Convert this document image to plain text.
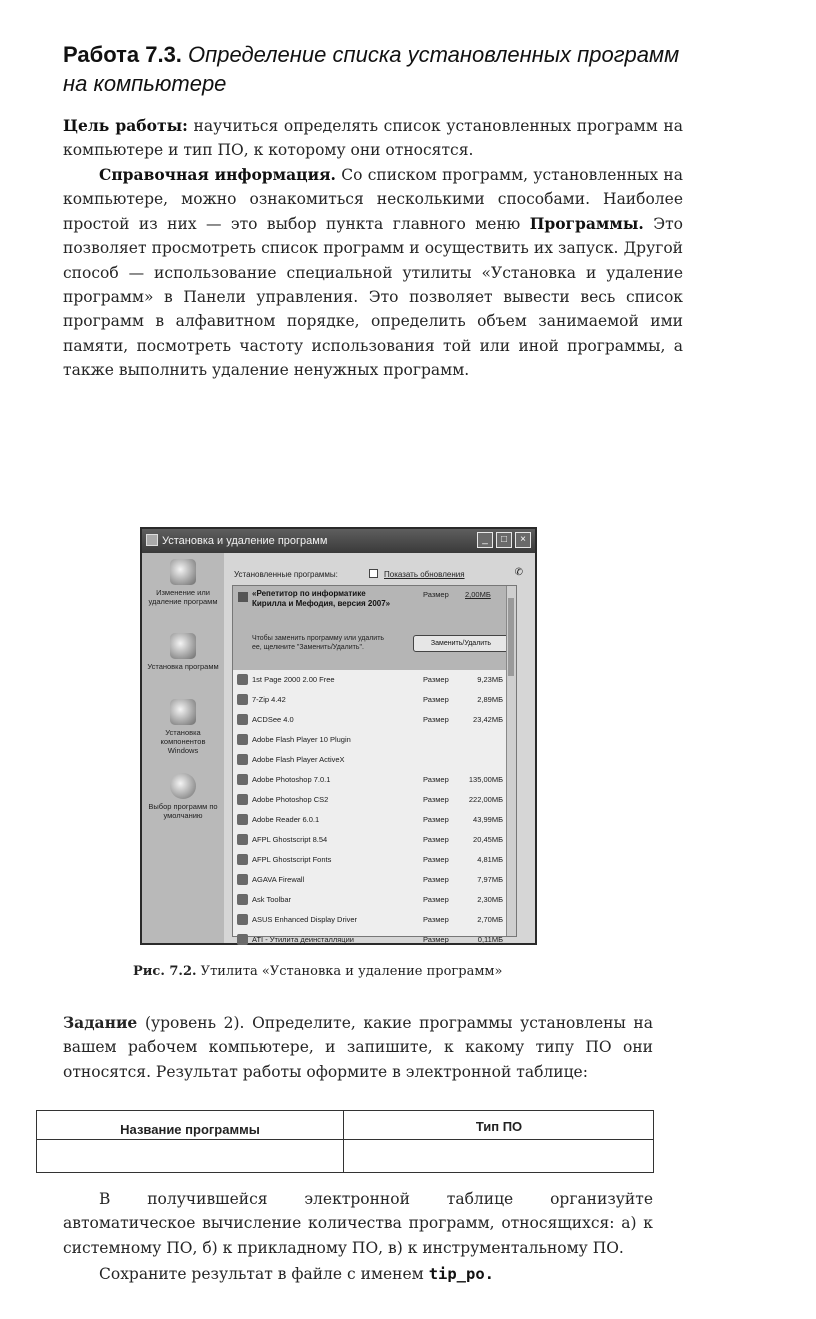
Работа 7.3. Определение списка установленных программ на компьютере
Цель работы: научиться определять список установленных программ на компьютере и тип ПО, к которому они относятся.
Справочная информация. Со списком программ, установленных на компьютере, можно ознакомиться несколькими способами. Наиболее простой из них — это выбор пункта главного меню Программы. Это позволяет просмотреть список программ и осуществить их запуск. Другой способ — использование специальной утилиты «Установка и удаление программ» в Панели управления. Это позволяет вывести весь список программ в алфавитном порядке, определить объем занимаемой ими памяти, посмотреть частоту использования той или иной программы, а также выполнить удаление ненужных программ.
Установка и удаление программ	_	□	×
Изменение или удаление программ
Установка программ
Установка компонентов Windows
Выбор программ по умолчанию
Установленные программы:	Показать обновления	✆
«Репетитор по информатике Кирилла и Мефодия, версия 2007»
Размер 2,00МБ
Чтобы заменить программу или удалить ее, щелкните "Заменить/Удалить".
Заменить/Удалить
1st Page 2000 2.00 Free	Размер	9,23МБ
7-Zip 4.42	Размер	2,89МБ
ACDSee 4.0	Размер	23,42МБ
Adobe Flash Player 10 Plugin
Adobe Flash Player ActiveX
Adobe Photoshop 7.0.1	Размер	135,00МБ
Adobe Photoshop CS2	Размер	222,00МБ
Adobe Reader 6.0.1	Размер	43,99МБ
AFPL Ghostscript 8.54	Размер	20,45МБ
AFPL Ghostscript Fonts	Размер	4,81МБ
AGAVA Firewall	Размер	7,97МБ
Ask Toolbar	Размер	2,30МБ
ASUS Enhanced Display Driver	Размер	2,70МБ
ATI - Утилита деинсталляции	Размер	0,11МБ
Рис. 7.2. Утилита «Установка и удаление программ»
Задание (уровень 2). Определите, какие программы установлены на вашем рабочем компьютере, и запишите, к какому типу ПО они относятся. Результат работы оформите в электронной таблице:
Название программы	Тип ПО
В получившейся электронной таблице организуйте автоматическое вычисление количества программ, относящихся: а) к системному ПО, б) к прикладному ПО, в) к инструментальному ПО.
Сохраните результат в файле с именем tip_po.
